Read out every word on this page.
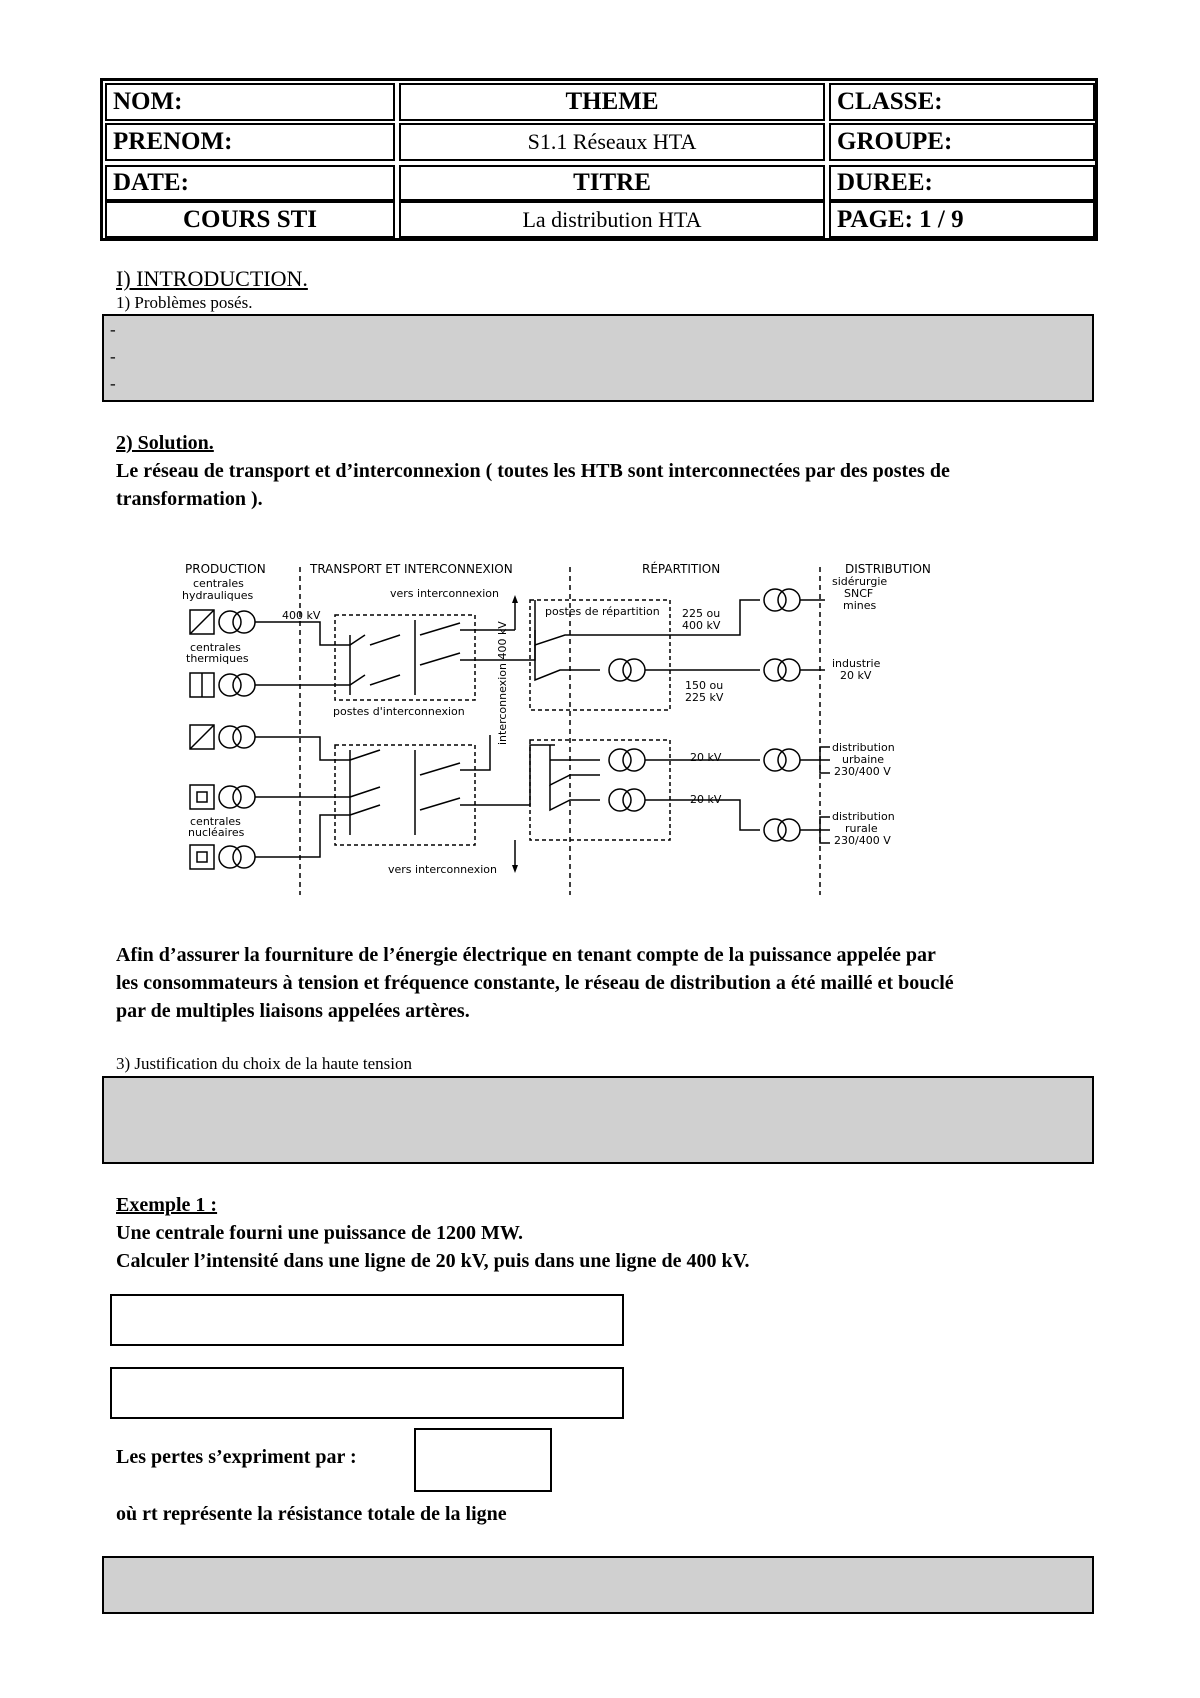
NOM:	THEME	CLASSE:
PRENOM:	S1.1 Réseaux HTA	GROUPE:
DATE:	TITRE	DUREE:
COURS STI	La distribution HTA	PAGE: 1 / 9
I) INTRODUCTION.
1) Problèmes posés.
-
-
-
2) Solution.
Le réseau de transport et d’interconnexion ( toutes les HTB sont interconnectées par des postes de
transformation ).
PRODUCTION	TRANSPORT ET INTERCONNEXION	RÉPARTITION	DISTRIBUTION
centrales
hydrauliques
centrales
thermiques
centrales
nucléaires
400 kV
vers interconnexion
postes d'interconnexion
vers interconnexion
interconnexion 400 kV
postes de répartition 225 ou
400 kV
150 ou
225 kV
20 kV
20 kV
sidérurgie
SNCF
mines
industrie
20 kV
distribution
urbaine
230/400 V
distribution
rurale
230/400 V
Afin d’assurer la fourniture de l’énergie électrique en tenant compte de la puissance appelée par
les consommateurs à tension et fréquence constante, le réseau de distribution a été maillé et bouclé
par de multiples liaisons appelées artères.
3) Justification du choix de la haute tension
Exemple 1 :
Une centrale fourni une puissance de 1200 MW.
Calculer l’intensité dans une ligne de 20 kV, puis dans une ligne de 400 kV.
Les pertes s’expriment par :
où rt représente la résistance totale de la ligne
